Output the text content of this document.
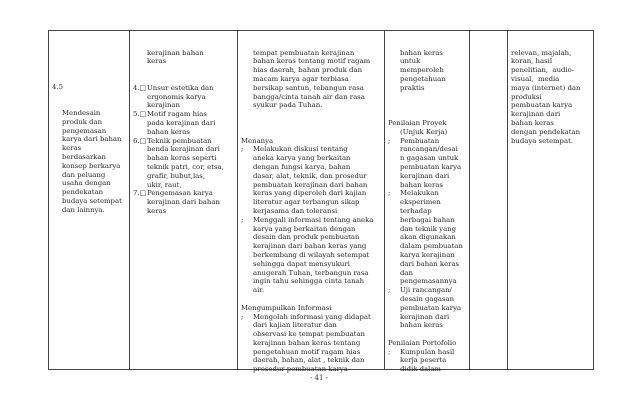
4.5

Mendesain
produk dan
pengemasan
karya dari bahan
keras
berdasarkan
konsep berkarya
dan peluang
usaha dengan
pendekatan
budaya setempat
dan lainnya.

kerajinan bahan
keras

4.□ Unsur estetika dan
ergonomis karya
kerajinan
5.□ Motif ragam hias
pada kerajinan dari
bahan keras
6.□ Teknik pembuatan
benda kerajinan dari
bahan keras seperti
teknik patri, cor, etsa,
grafir, bubut,las,
ukir, raut,
7.□ Pengemasan karya
kerajinan dari bahan
keras

tempat pembuatan kerajinan
bahan keras tentang motif ragam
hias daerah, bahan produk dan
macam karya agar terbiasa
bersikap santun, tebangun rasa
bangga/cinta tanah air dan rasa
syukur pada Tuhan.

Menanya
; Melakukan diskusi tentang
aneka karya yang berkaitan
dengan fungsi karya, bahan
dasar, alat, teknik, dan prosedur
pembuatan kerajinan dari bahan
keras yang diperoleh dari kajian
literatur agar terbangun sikap
kerjasama dan toleransi
; Menggali informasi tentang aneka
karya yang berkaitan dengan
desain dan produk pembuatan
kerajinan dari bahan keras yang
berkembang di wilayah setempat
sehingga dapat mensyukuri
anugerah Tuhan, terbangun rasa
ingin tahu sehingga cinta tanah
air.
Mengumpulkan Informasi
; Mengolah informasi yang didapat
dari kajian literatur dan
observasi ke tempat pembuatan
kerajinan bahan keras tentang
pengetahuan motif ragam hias
daerah, bahan, alat , teknik dan
prosedur pembuatan karya

bahan keras
untuk
memperoleh
pengetahuan
praktis

Penilaian Proyek
(Unjuk Kerja)
; Pembuatan
rancangan/desai
n gagasan untuk
pembuatan karya
kerajinan dari
bahan keras
; Melakukan
eksperimen
terhadap
berbagai bahan
dan teknik yang
akan digunakan
dalam pembuatan
karya kerajinan
dari bahan keras
dan
pengemasannya
; Uji rancangan/
desain gagasan
pembuatan karya
kerajinan dari
bahan keras
Penilaian Portofolio
; Kumpulan hasil
kerja peserta
didik dalam

relevan, majalah,
koran, hasil
penelitian,  audio-
visual,  media
maya (internet) dan
produksi
pembuatan karya
kerajinan dari
bahan keras
dengan pendekatan
budaya setempat.

- 41 -
